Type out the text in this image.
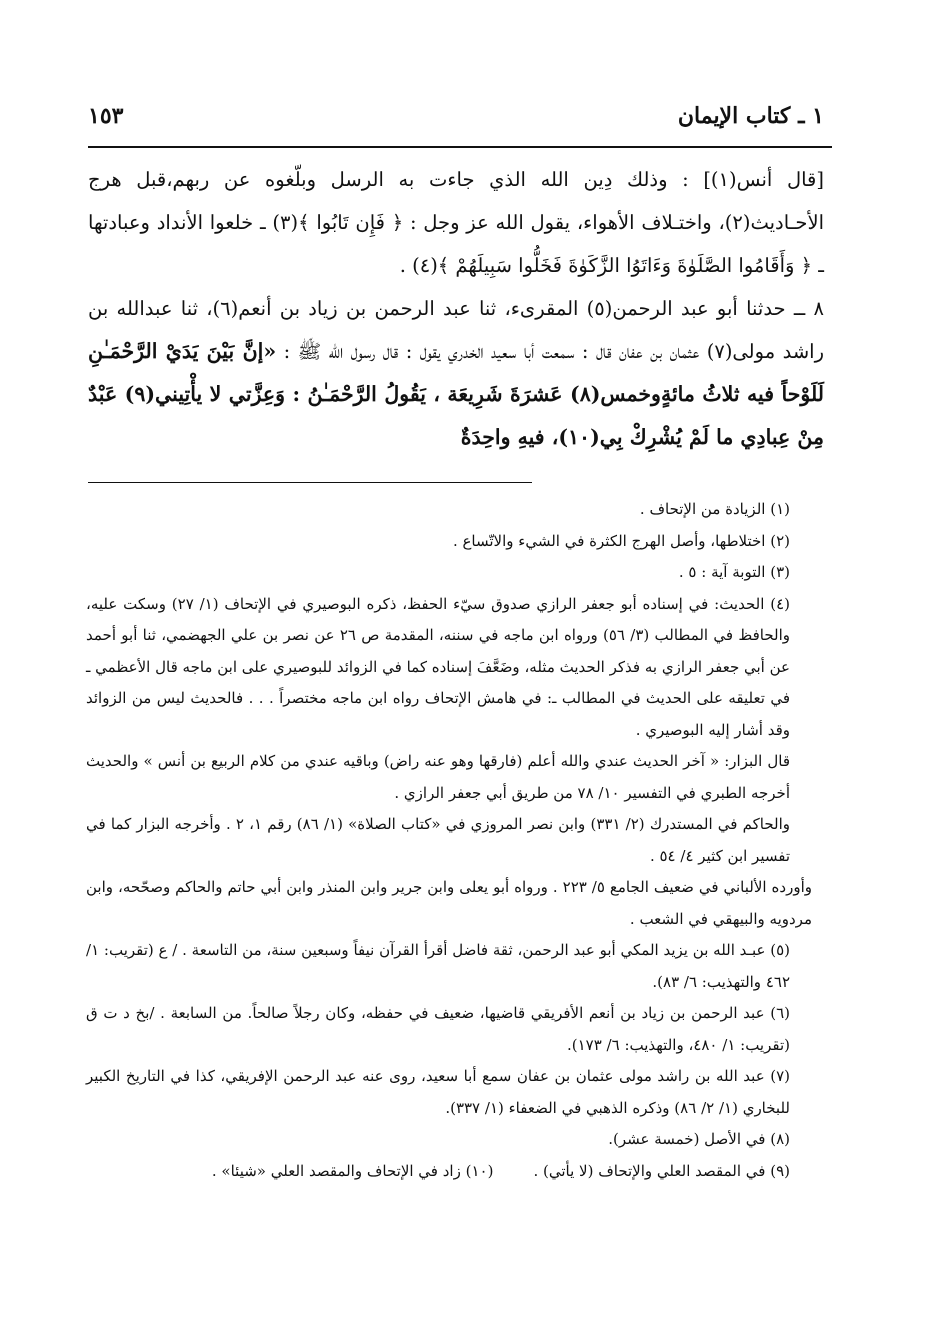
١ ـ كتاب الإيمان
١٥٣

[قال أنس(١)] : وذلك دِين الله الذي جاءت به الرسل وبلّغوه عن ربهم،قبل هرج الأحـاديث(٢)، واختـلاف الأهواء، يقول الله عز وجل : ﴿ فَإِن تَابُوا ﴾(٣) ـ خلعوا الأنداد وعبادتها ـ ﴿ وَأَقَامُوا الصَّلَوٰةَ وَءَاتَوُا الزَّكَوٰةَ فَخَلُّوا سَبِيلَهُمْ ﴾(٤) .

٨ ــ حدثنا أبو عبد الرحمن(٥) المقرىء، ثنا عبد الرحمن بن زياد بن أنعم(٦)، ثنا عبدالله بن راشد مولى(٧) عثمان بن عفان قال : سمعت أبا سعيد الخدري يقول : قال رسول الله ﷺ : «إنَّ بَيْنَ يَدَيْ الرَّحْمَـٰنِ لَلَوْحاً فيه ثلاثُ مائةٍوخمس(٨) عَشرَةَ شَرِيعَة ، يَقُولُ الرَّحْمَـٰنُ : وَعِزَّتي لا يأْتِيني(٩) عَبْدٌ مِنْ عِبادِي ما لَمْ يُشْرِكْ بِي(١٠)، فيهِ واحِدَةٌ

(١) الزيادة من الإتحاف .

(٢) اختلاطها، وأصل الهرج الكثرة في الشيء والاتّساع .

(٣) التوبة آية : ٥ .

(٤) الحديث: في إسناده أبو جعفر الرازي صدوق سيّء الحفظ، ذكره البوصيري في الإتحاف (١/ ٢٧) وسكت عليه، والحافظ في المطالب (٣/ ٥٦) ورواه ابن ماجه في سننه، المقدمة ص ٢٦ عن نصر بن علي الجهضمي، ثنا أبو أحمد عن أبي جعفر الرازي به فذكر الحديث مثله، وضَعَّفَ إسناده كما في الزوائد للبوصيري على ابن ماجه قال الأعظمي ـ في تعليقه على الحديث في المطالب ـ: في هامش الإتحاف رواه ابن ماجه مختصراً . . . فالحديث ليس من الزوائد وقد أشار إليه البوصيري .

قال البزار: « آخر الحديث عندي والله أعلم (فارقها وهو عنه راض) وباقيه عندي من كلام الربيع بن أنس » والحديث أخرجه الطبري في التفسير ١٠/ ٧٨ من طريق أبي جعفر الرازي .

والحاكم في المستدرك (٢/ ٣٣١) وابن نصر المروزي في «كتاب الصلاة» (١/ ٨٦) رقم ١، ٢ . وأخرجه البزار كما في تفسير ابن كثير ٤/ ٥٤ .

وأورده الألباني في ضعيف الجامع ٥/ ٢٢٣ . ورواه أبو يعلى وابن جرير وابن المنذر وابن أبي حاتم والحاكم وصحّحه، وابن مردويه والبيهقي في الشعب .

(٥) عبـد الله بن يزيد المكي أبو عبد الرحمن، ثقة فاضل أقرأ القرآن نيفاً وسبعين سنة، من التاسعة . / ع (تقريب: ١/ ٤٦٢ والتهذيب: ٦/ ٨٣).

(٦) عبد الرحمن بن زياد بن أنعم الأفريقي قاضيها، ضعيف في حفظه، وكان رجلاً صالحاً. من السابعة . /بخ د ت ق (تقريب: ١/ ٤٨٠، والتهذيب: ٦/ ١٧٣).

(٧) عبد الله بن راشد مولى عثمان بن عفان سمع أبا سعيد، روى عنه عبد الرحمن الإفريقي، كذا في التاريخ الكبير للبخاري (١/ ٢/ ٨٦) وذكره الذهبي في الضعفاء (١/ ٣٣٧).

(٨) في الأصل (خمسة عشر).

(٩) في المقصد العلي والإتحاف (لا يأتي) .
(١٠) زاد في الإتحاف والمقصد العلي «شيئا» .
